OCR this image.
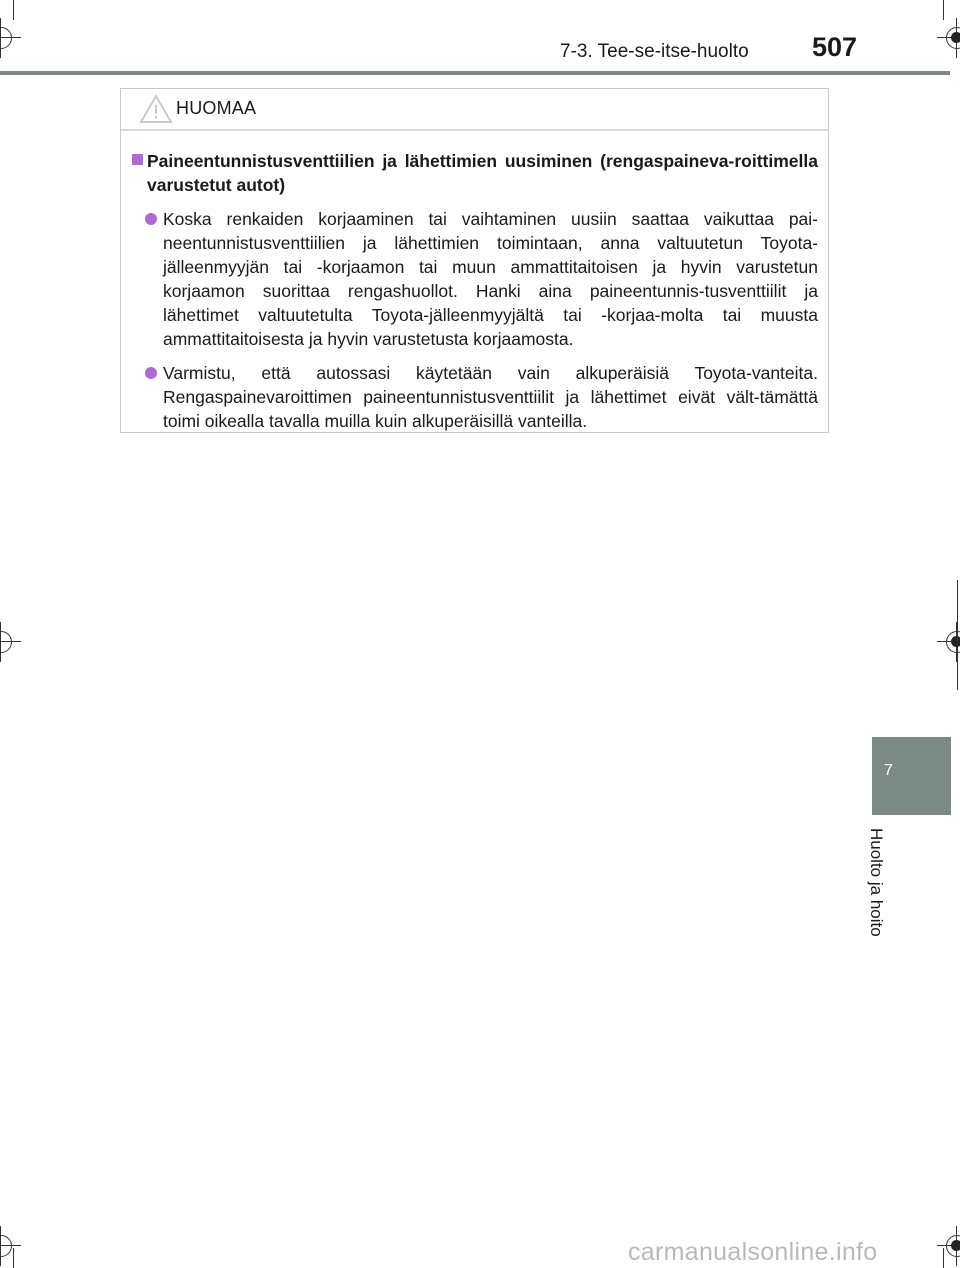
7-3. Tee-se-itse-huolto 507
7
Huolto ja hoito
HUOMAA

Paineentunnistusventtiilien ja lähettimien uusiminen (rengaspaineva-roittimella varustetut autot)

Koska renkaiden korjaaminen tai vaihtaminen uusiin saattaa vaikuttaa pai-neentunnistusventtiilien ja lähettimien toimintaan, anna valtuutetun Toyota-jälleenmyyjän tai -korjaamon tai muun ammattitaitoisen ja hyvin varustetun korjaamon suorittaa rengashuollot. Hanki aina paineentunnis-tusventtiilit ja lähettimet valtuutetulta Toyota-jälleenmyyjältä tai -korjaa-molta tai muusta ammattitaitoisesta ja hyvin varustetusta korjaamosta.

Varmistu, että autossasi käytetään vain alkuperäisiä Toyota-vanteita. Rengaspainevaroittimen paineentunnistusventtiilit ja lähettimet eivät vält-tämättä toimi oikealla tavalla muilla kuin alkuperäisillä vanteilla.

carmanualsonline.info
